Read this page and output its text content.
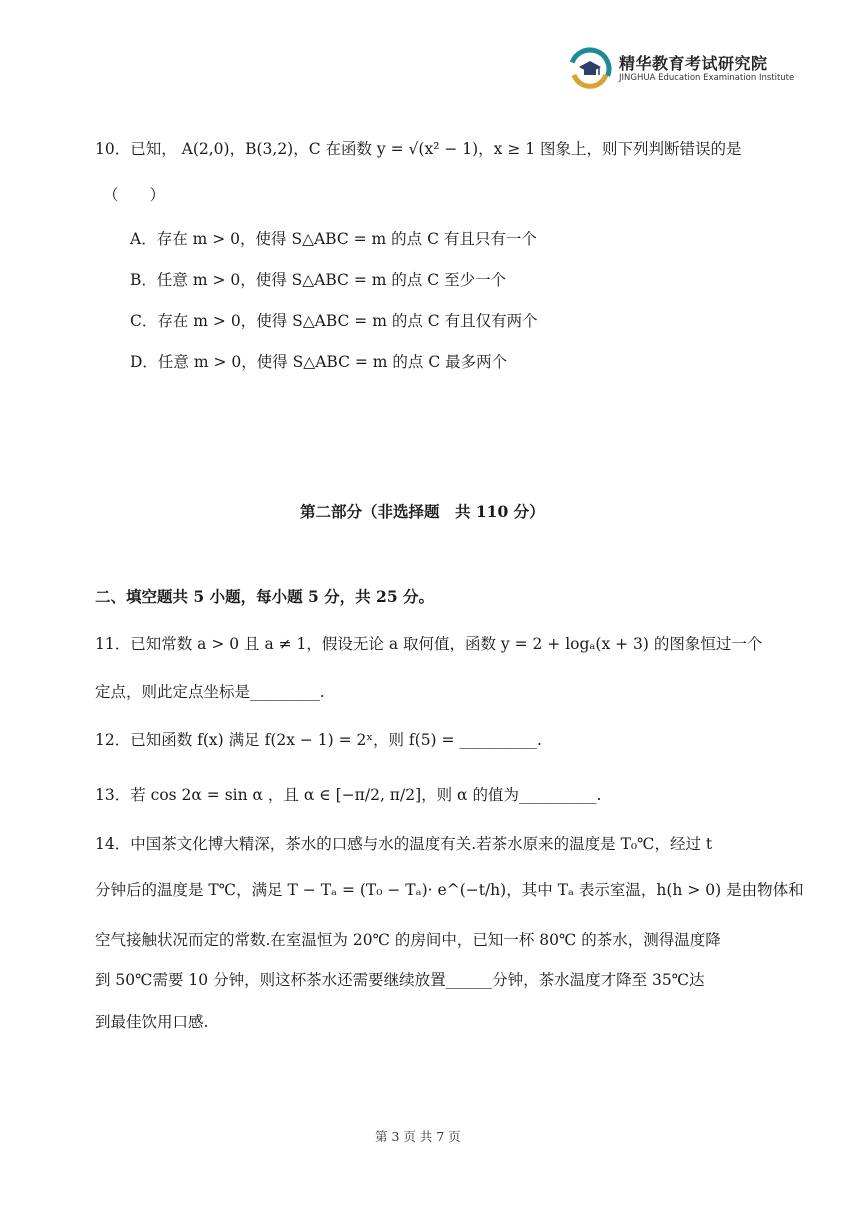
精华教育考试研究院
JINGHUA Education Examination Institute
10．已知， A(2,0)，B(3,2)，C 在函数 y = √(x² − 1)，x ≥ 1 图象上，则下列判断错误的是
（　　）
A．存在 m > 0，使得 S△ABC = m 的点 C 有且只有一个
B．任意 m > 0，使得 S△ABC = m 的点 C 至少一个
C．存在 m > 0，使得 S△ABC = m 的点 C 有且仅有两个
D．任意 m > 0，使得 S△ABC = m 的点 C 最多两个
第二部分（非选择题　共 110 分）
二、填空题共 5 小题，每小题 5 分，共 25 分。
11．已知常数 a > 0 且 a ≠ 1，假设无论 a 取何值，函数 y = 2 + logₐ(x + 3) 的图象恒过一个
定点，则此定点坐标是_________.
12．已知函数 f(x) 满足 f(2x − 1) = 2ˣ，则 f(5) = __________.
13．若 cos 2α = sin α ，且 α ∈ [−π/2, π/2]，则 α 的值为__________.
14．中国茶文化博大精深，茶水的口感与水的温度有关.若茶水原来的温度是 T₀℃，经过 t
分钟后的温度是 T℃，满足 T − Tₐ = (T₀ − Tₐ)· e^(−t/h)，其中 Tₐ 表示室温，h(h > 0) 是由物体和
空气接触状况而定的常数.在室温恒为 20℃ 的房间中，已知一杯 80℃ 的茶水，测得温度降
到 50℃需要 10 分钟，则这杯茶水还需要继续放置______分钟，茶水温度才降至 35℃达
到最佳饮用口感.
第 3 页 共 7 页
